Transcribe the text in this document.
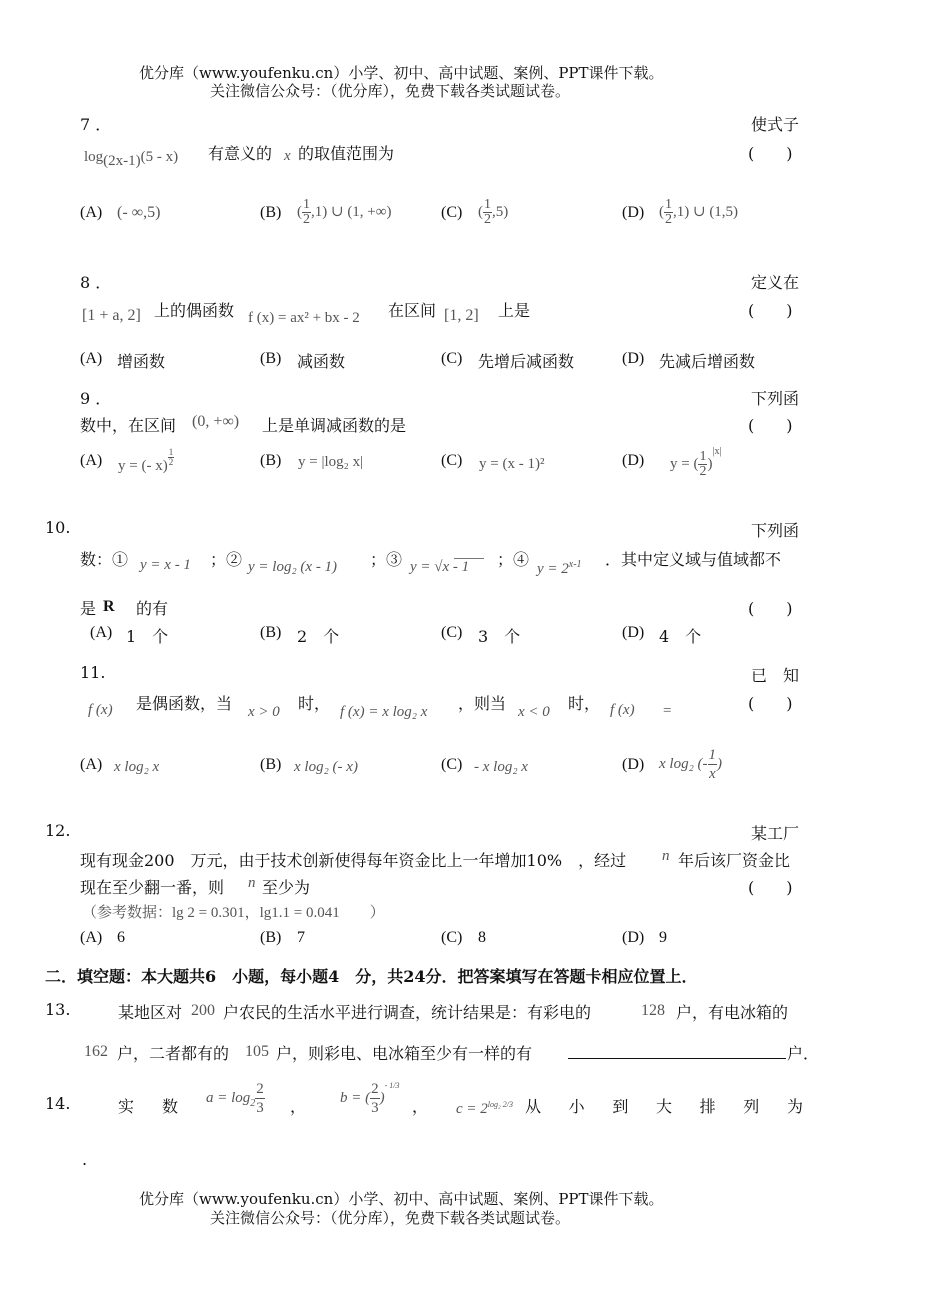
优分库（www.youfenku.cn）小学、初中、高中试题、案例、PPT课件下载。
关注微信公众号：（优分库），免费下载各类试题试卷。
7 ．	使式子
$\log_{(2x-1)}(5 - x)$ 有意义的 x 的取值范围为	(　　)
(A) (- ∞,5)	(B) ( $\frac{1}{2} ,1$) ∪ (1, +∞)	(C) ( $\frac{1}{2} ,5$)	(D) ( $\frac{1}{2} ,1$) ∪ (1,5)
8 ．	定义在
[1 + a, 2] 上的偶函数 f (x) = ax² + bx - 2 在区间 [1, 2] 上是	(　　)
(A) 增函数	(B) 减函数	(C) 先增后减函数	(D) 先减后增函数
9 ．	下列函
数中，在区间 (0, +∞) 上是单调减函数的是	(　　)
(A) y = (- $x) \frac{1}{2}$	(B) y = |log₂ x|	(C) y = (x - 1)²	(D) y = ( $\frac{1}{2} )^{|x|}$
10.	下列函
数：① y = x - 1 ；② y = log₂ (x - 1) ；③ y = √x - 1 ；④ $y = 2^{x-1}$ ．其中定义域与值域都不
是 R 的有	(　　)
(A) 1　个	(B) 2　个	(C) 3　个	(D) 4　个
11.	已　知
f (x) 是偶函数，当 x > 0 时， f (x) = x log₂ x ，则当 x < 0 时， f (x) =	(　　)
(A) x log₂ x	(B) x log₂ (- x)	(C) - x log₂ x	(D) x log₂ (- $\frac{1}{x}$ )
12.	某工厂
现有现金200　万元，由于技术创新使得每年资金比上一年增加10%　，经过 n 年后该厂资金比
现在至少翻一番，则 n 至少为	(　　)
（参考数据：lg 2 = 0.301，lg1.1 = 0.041　　）
(A) 6	(B) 7	(C) 8	(D) 9
二．填空题：本大题共6　小题，每小题4　分，共24分．把答案填写在答题卡相应位置上．
13.	某地区对 200 户农民的生活水平进行调查，统计结果是：有彩电的	128 户，有电冰箱的
162 户，二者都有的 105 户，则彩电、电冰箱至少有一样的有	户．
14.	实 数 $a = \log_2 \frac{2}{3}$ ， b = ( $\frac{2}{3} )^{- 1/3}$
， $c = 2^{log_2 2/3}$ 从 小 到 大 排 列 为
.
优分库（www.youfenku.cn）小学、初中、高中试题、案例、PPT课件下载。
关注微信公众号：（优分库），免费下载各类试题试卷。
